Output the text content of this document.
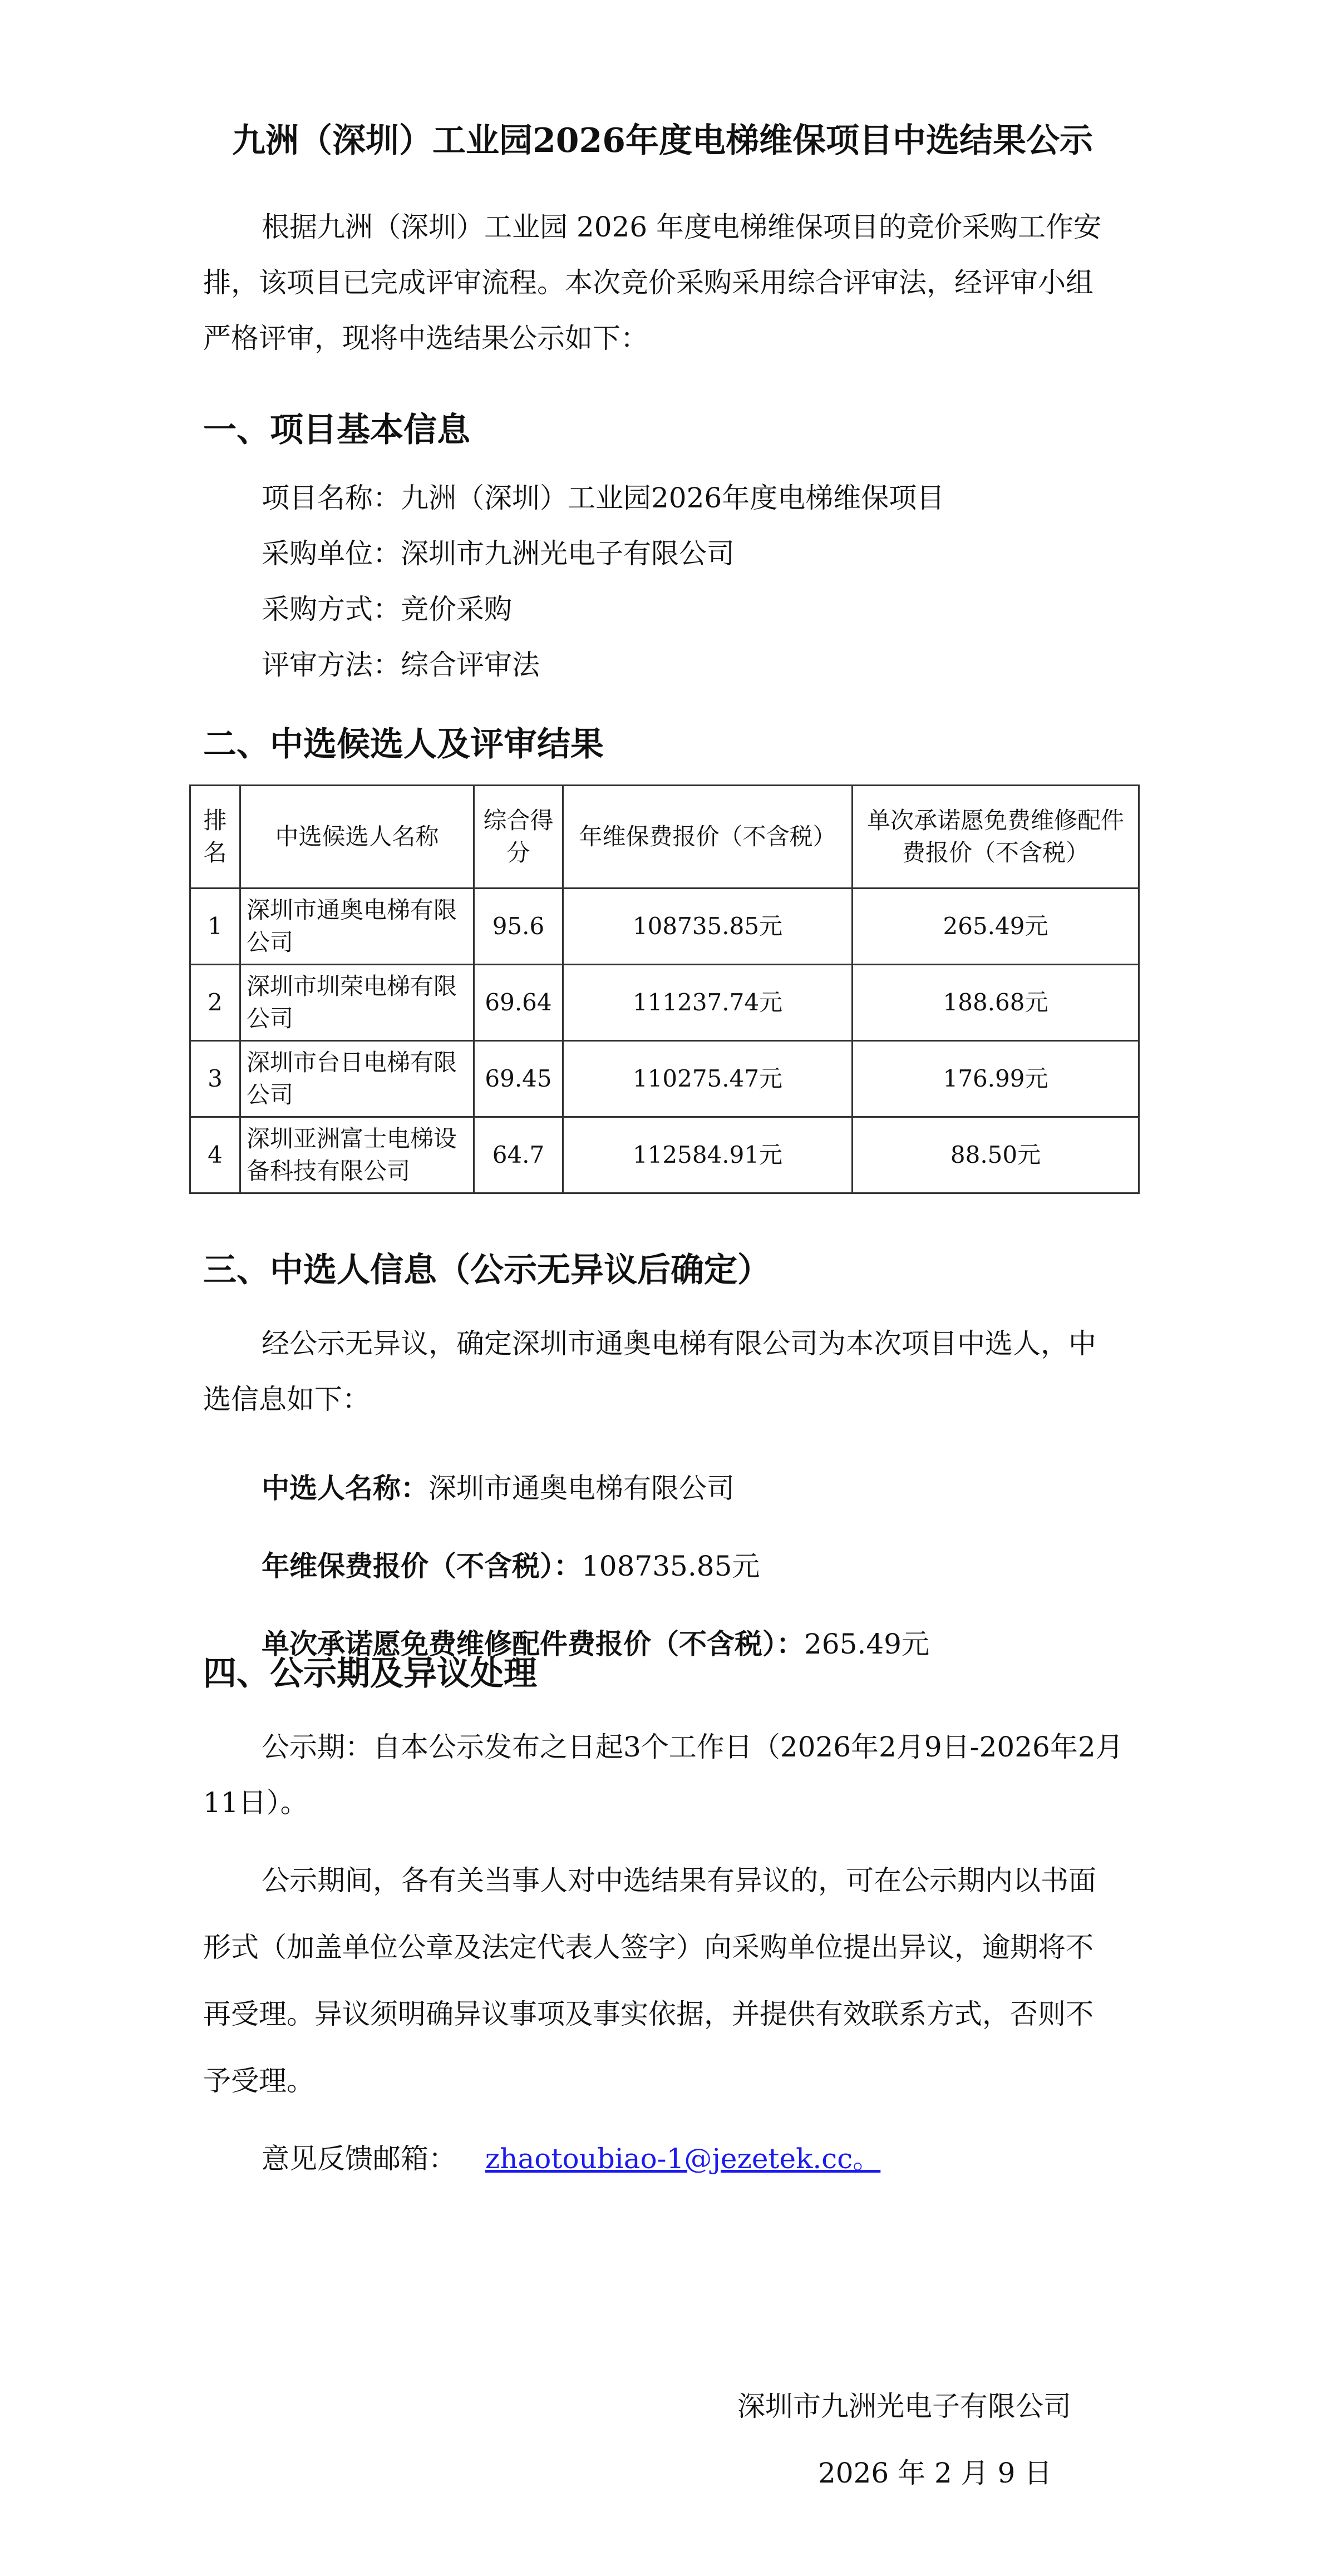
九洲（深圳）工业园2026年度电梯维保项目中选结果公示
根据九洲（深圳）工业园 2026 年度电梯维保项目的竞价采购工作安
排，该项目已完成评审流程。本次竞价采购采用综合评审法，经评审小组
严格评审，现将中选结果公示如下：
一、项目基本信息
项目名称：九洲（深圳）工业园2026年度电梯维保项目
采购单位：深圳市九洲光电子有限公司
采购方式：竞价采购
评审方法：综合评审法
二、中选候选人及评审结果
排名	中选候选人名称	综合得分	年维保费报价（不含税）	单次承诺愿免费维修配件费报价（不含税）
1	深圳市通奥电梯有限公司	95.6	108735.85元	265.49元
2	深圳市圳荣电梯有限公司	69.64	111237.74元	188.68元
3	深圳市台日电梯有限公司	69.45	110275.47元	176.99元
4	深圳亚洲富士电梯设备科技有限公司	64.7	112584.91元	88.50元
三、中选人信息（公示无异议后确定）
经公示无异议，确定深圳市通奥电梯有限公司为本次项目中选人，中
选信息如下：
中选人名称：深圳市通奥电梯有限公司
年维保费报价（不含税）：108735.85元
单次承诺愿免费维修配件费报价（不含税）：265.49元
四、公示期及异议处理
公示期：自本公示发布之日起3个工作日（2026年2月9日-2026年2月
11日）。
公示期间，各有关当事人对中选结果有异议的，可在公示期内以书面
形式（加盖单位公章及法定代表人签字）向采购单位提出异议，逾期将不
再受理。异议须明确异议事项及事实依据，并提供有效联系方式，否则不
予受理。
意见反馈邮箱： zhaotoubiao-1@jezetek.cc。
深圳市九洲光电子有限公司
2026 年 2 月 9 日
